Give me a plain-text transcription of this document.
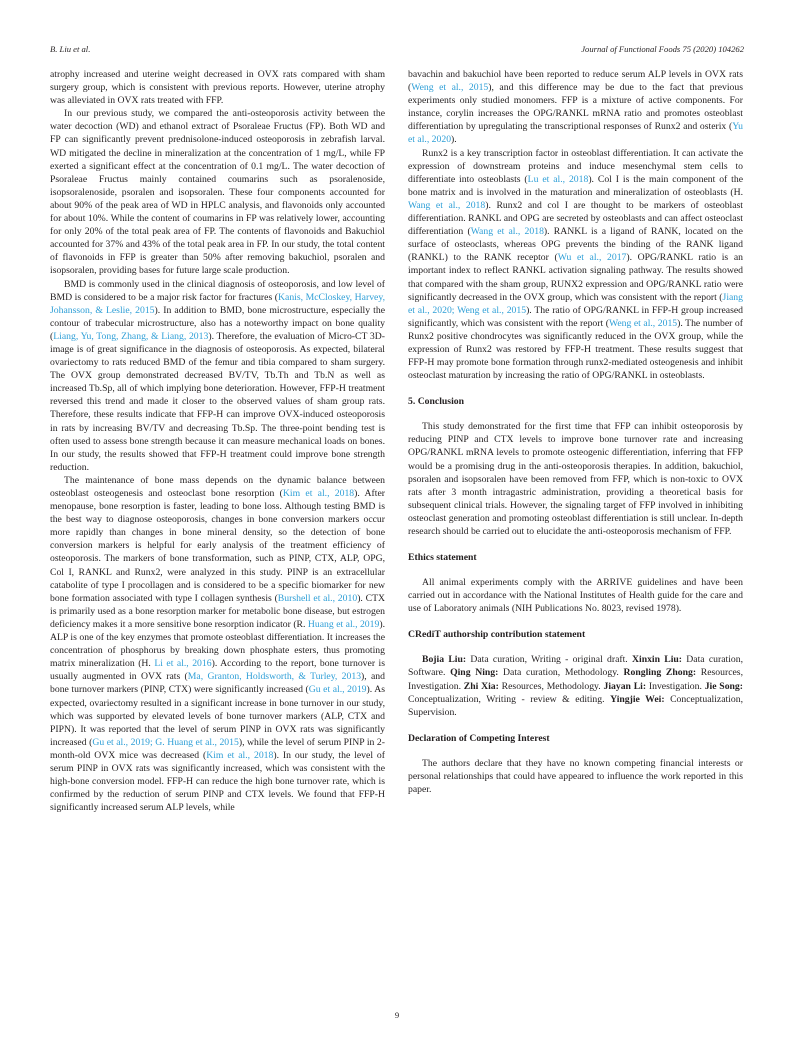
B. Liu et al.	Journal of Functional Foods 75 (2020) 104262

atrophy increased and uterine weight decreased in OVX rats compared with sham surgery group, which is consistent with previous reports. However, uterine atrophy was alleviated in OVX rats treated with FFP.

In our previous study, we compared the anti-osteoporosis activity between the water decoction (WD) and ethanol extract of Psoraleae Fructus (FP). Both WD and FP can significantly prevent prednisolone-induced osteoporosis in zebrafish larval. WD mitigated the decline in mineralization at the concentration of 1 mg/L, while FP exerted a significant effect at the concentration of 0.1 mg/L. The water decoction of Psoraleae Fructus mainly contained coumarins such as psoralenoside, isopsoralenoside, psoralen and isopsoralen. These four components accounted for about 90% of the peak area of WD in HPLC analysis, and flavonoids only accounted for about 10%. While the content of coumarins in FP was relatively lower, accounting for only 20% of the total peak area of FP. The contents of flavonoids and Bakuchiol accounted for 37% and 43% of the total peak area in FP. In our study, the total content of flavonoids in FFP is greater than 50% after removing bakuchiol, psoralen and isopsoralen, providing bases for future large scale production.

BMD is commonly used in the clinical diagnosis of osteoporosis, and low level of BMD is considered to be a major risk factor for fractures (Kanis, McCloskey, Harvey, Johansson, & Leslie, 2015). In addition to BMD, bone microstructure, especially the contour of trabecular microstructure, also has a noteworthy impact on bone quality (Liang, Yu, Tong, Zhang, & Liang, 2013). Therefore, the evaluation of Micro-CT 3D-image is of great significance in the diagnosis of osteoporosis. As expected, bilateral ovariectomy to rats reduced BMD of the femur and tibia compared to sham surgery. The OVX group demonstrated decreased BV/TV, Tb.Th and Tb.N as well as increased Tb.Sp, all of which implying bone deterioration. However, FFP-H treatment reversed this trend and made it closer to the observed values of sham group rats. Therefore, these results indicate that FFP-H can improve OVX-induced osteoporosis in rats by increasing BV/TV and decreasing Tb.Sp. The three-point bending test is often used to assess bone strength because it can measure mechanical loads on bones. In our study, the results showed that FFP-H treatment could improve bone strength reduction.

The maintenance of bone mass depends on the dynamic balance between osteoblast osteogenesis and osteoclast bone resorption (Kim et al., 2018). After menopause, bone resorption is faster, leading to bone loss. Although testing BMD is the best way to diagnose osteoporosis, changes in bone conversion markers occur more rapidly than changes in bone mineral density, so the detection of bone conversion markers is helpful for early analysis of the treatment efficiency of osteoporosis. The markers of bone transformation, such as PINP, CTX, ALP, OPG, Col I, RANKL and Runx2, were analyzed in this study. PINP is an extracellular catabolite of type I procollagen and is considered to be a specific biomarker for new bone formation associated with type I collagen synthesis (Burshell et al., 2010). CTX is primarily used as a bone resorption marker for metabolic bone disease, but estrogen deficiency makes it a more sensitive bone resorption indicator (R. Huang et al., 2019). ALP is one of the key enzymes that promote osteoblast differentiation. It increases the concentration of phosphorus by breaking down phosphate esters, thus promoting matrix mineralization (H. Li et al., 2016). According to the report, bone turnover is usually augmented in OVX rats (Ma, Granton, Holdsworth, & Turley, 2013), and bone turnover markers (PINP, CTX) were significantly increased (Gu et al., 2019). As expected, ovariectomy resulted in a significant increase in bone turnover in our study, which was supported by elevated levels of bone turnover markers (ALP, CTX and PIPN). It was reported that the level of serum PINP in OVX rats was significantly increased (Gu et al., 2019; G. Huang et al., 2015), while the level of serum PINP in 2-month-old OVX mice was decreased (Kim et al., 2018). In our study, the level of serum PINP in OVX rats was significantly increased, which was consistent with the high-bone conversion model. FFP-H can reduce the high bone turnover rate, which is confirmed by the reduction of serum PINP and CTX levels. We found that FFP-H significantly increased serum ALP levels, while

bavachin and bakuchiol have been reported to reduce serum ALP levels in OVX rats (Weng et al., 2015), and this difference may be due to the fact that previous experiments only studied monomers. FFP is a mixture of active components. For instance, corylin increases the OPG/RANKL mRNA ratio and promotes osteoblast differentiation by upregulating the transcriptional responses of Runx2 and osterix (Yu et al., 2020).

Runx2 is a key transcription factor in osteoblast differentiation. It can activate the expression of downstream proteins and induce mesenchymal stem cells to differentiate into osteoblasts (Lu et al., 2018). Col I is the main component of the bone matrix and is involved in the maturation and mineralization of osteoblasts (H. Wang et al., 2018). Runx2 and col I are thought to be markers of osteoblast differentiation. RANKL and OPG are secreted by osteoblasts and can affect osteoclast differentiation (Wang et al., 2018). RANKL is a ligand of RANK, located on the surface of osteoclasts, whereas OPG prevents the binding of the RANK ligand (RANKL) to the RANK receptor (Wu et al., 2017). OPG/RANKL ratio is an important index to reflect RANKL activation signaling pathway. The results showed that compared with the sham group, RUNX2 expression and OPG/RANKL ratio were significantly decreased in the OVX group, which was consistent with the report (Jiang et al., 2020; Weng et al., 2015). The ratio of OPG/RANKL in FFP-H group increased significantly, which was consistent with the report (Weng et al., 2015). The number of Runx2 positive chondrocytes was significantly reduced in the OVX group, while the expression of Runx2 was restored by FFP-H treatment. These results suggest that FFP-H may promote bone formation through runx2-mediated osteogenesis and inhibit osteoclast maturation by increasing the ratio of OPG/RANKL in osteoblasts.

5. Conclusion

This study demonstrated for the first time that FFP can inhibit osteoporosis by reducing PINP and CTX levels to improve bone turnover rate and increasing OPG/RANKL mRNA levels to promote osteogenic differentiation, inferring that FFP would be a promising drug in the anti-osteoporosis therapies. In addition, bakuchiol, psoralen and isopsoralen have been removed from FFP, which is non-toxic to OVX rats after 3 month intragastric administration, providing a theoretical basis for subsequent clinical trials. However, the signaling target of FFP involved in inhibiting osteoclast generation and promoting osteoblast differentiation is still unclear. In-depth research should be carried out to elucidate the anti-osteoporosis mechanism of FFP.

Ethics statement

All animal experiments comply with the ARRIVE guidelines and have been carried out in accordance with the National Institutes of Health guide for the care and use of Laboratory animals (NIH Publications No. 8023, revised 1978).

CRediT authorship contribution statement

Bojia Liu: Data curation, Writing - original draft. Xinxin Liu: Data curation, Software. Qing Ning: Data curation, Methodology. Rongling Zhong: Resources, Investigation. Zhi Xia: Resources, Methodology. Jiayan Li: Investigation. Jie Song: Conceptualization, Writing - review & editing. Yingjie Wei: Conceptualization, Supervision.

Declaration of Competing Interest

The authors declare that they have no known competing financial interests or personal relationships that could have appeared to influence the work reported in this paper.

9
